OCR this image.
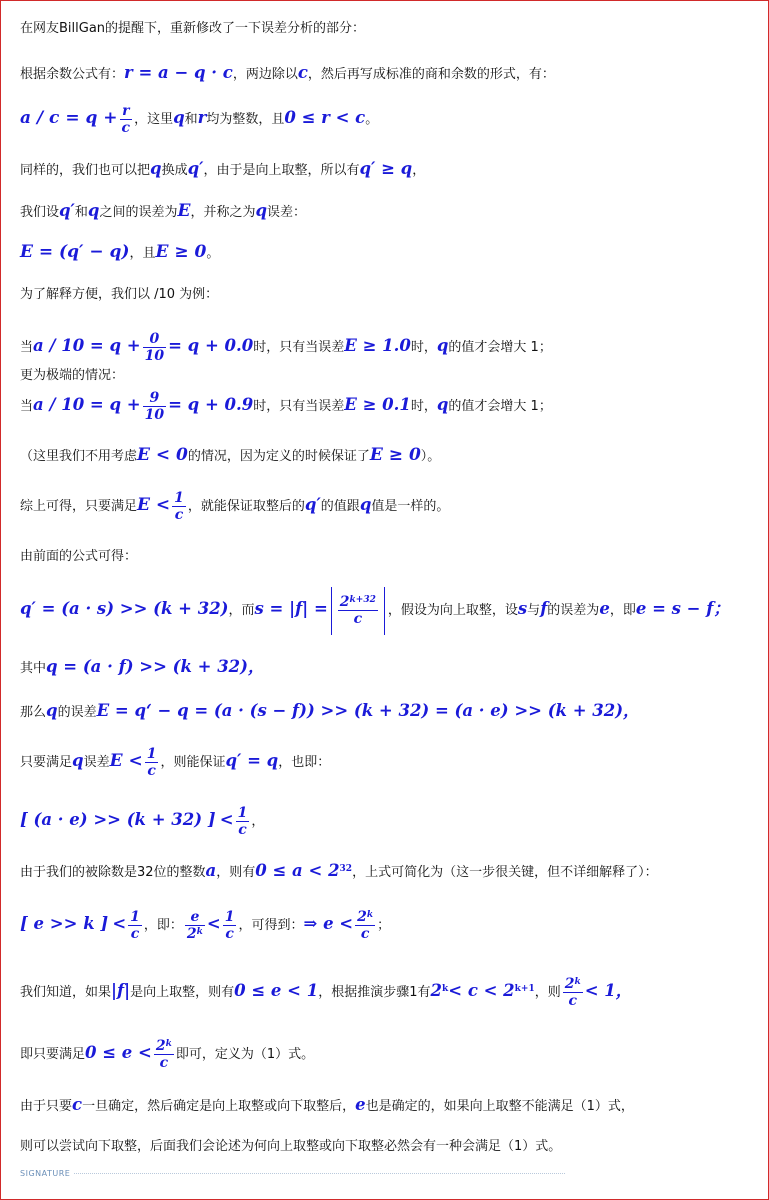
在网友BillGan的提醒下，重新修改了一下误差分析的部分：
根据余数公式有：r = a − q · c，两边除以c，然后再写成标准的商和余数的形式，有：
$a / c = q + \frac{r}{c}$ ，这里q和r均为整数，且0 ≤ r < c。
同样的，我们也可以把q换成q′，由于是向上取整，所以有q′ ≥ q，
我们设q′和q之间的误差为E，并称之为q误差：
E = (q′ − q)，且E ≥ 0。
为了解释方便，我们以 /10 为例：
当$a / 10 = q + \frac{0}{10} = q + 0.0$时，只有当误差E ≥ 1.0时，q的值才会增大 1；
更为极端的情况：
当$a / 10 = q + \frac{9}{10} = q + 0.9$时，只有当误差E ≥ 0.1时，q的值才会增大 1；
（这里我们不用考虑E < 0的情况，因为定义的时候保证了E ≥ 0）。
综上可得，只要满足$E < \frac{1}{c}$ ，就能保证取整后的q′的值跟q值是一样的。
由前面的公式可得：
q′ = (a · s) >> (k + 32)，而$s = |f| = \frac{2^{k+32}}{c}$ ，假设为向上取整，设s与f的误差为e，即e = s − f；
其中q = (a · f) >> (k + 32)，
那么q的误差E = q‘ − q = (a · (s − f)) >> (k + 32) = (a · e) >> (k + 32)，
只要满足q误差$E < \frac{1}{c}$ ，则能保证q′ = q，也即：
[ (a · e) >> (k + 32) ] < $\frac{1}{c}$ ，
由于我们的被除数是32位的整数a，则有$0 \le a < 2^{32}$，上式可简化为（这一步很关键，但不详细解释了）：
[ e >> k ] < $\frac{1}{c}$ ，即： $\frac{e}{2^k} < \frac{1}{c}$ ，可得到：⇒ $e < \frac{2^k}{c}$ ；
我们知道，如果|f|是向上取整，则有0 ≤ e < 1，根据推演步骤1有$2^k< c < 2^{k+1}$，则 $\frac{2^k}{c} < 1$，
即只要满足$0 \le e < \frac{2^k}{c}$ 即可，定义为（1）式。
由于只要c一旦确定，然后确定是向上取整或向下取整后，e也是确定的，如果向上取整不能满足（1）式，
则可以尝试向下取整，后面我们会论述为何向上取整或向下取整必然会有一种会满足（1）式。
SIGNATURE
